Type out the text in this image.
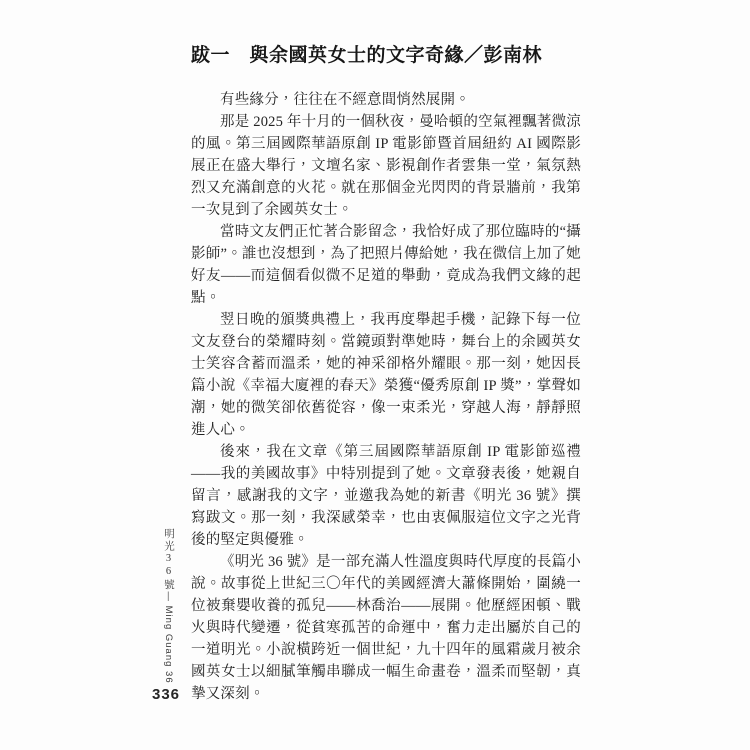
跋一　與余國英女士的文字奇緣／彭南林

有些緣分，往往在不經意間悄然展開。

那是 2025 年十月的一個秋夜，曼哈頓的空氣裡飄著微涼的風。第三屆國際華語原創 IP 電影節暨首屆紐約 AI 國際影展正在盛大舉行，文壇名家、影視創作者雲集一堂，氣氛熱烈又充滿創意的火花。就在那個金光閃閃的背景牆前，我第一次見到了余國英女士。

當時文友們正忙著合影留念，我恰好成了那位臨時的“攝影師”。誰也沒想到，為了把照片傳給她，我在微信上加了她好友——而這個看似微不足道的舉動，竟成為我們文緣的起點。

翌日晚的頒獎典禮上，我再度舉起手機，記錄下每一位文友登台的榮耀時刻。當鏡頭對準她時，舞台上的余國英女士笑容含蓄而溫柔，她的神采卻格外耀眼。那一刻，她因長篇小說《幸福大廈裡的春天》榮獲“優秀原創 IP 獎”，掌聲如潮，她的微笑卻依舊從容，像一束柔光，穿越人海，靜靜照進人心。

後來，我在文章《第三屆國際華語原創 IP 電影節巡禮——我的美國故事》中特別提到了她。文章發表後，她親自留言，感謝我的文字，並邀我為她的新書《明光 36 號》撰寫跋文。那一刻，我深感榮幸，也由衷佩服這位文字之光背後的堅定與優雅。

《明光 36 號》是一部充滿人性溫度與時代厚度的長篇小說。故事從上世紀三〇年代的美國經濟大蕭條開始，圍繞一位被棄嬰收養的孤兒——林喬治——展開。他歷經困頓、戰火與時代變遷，從貧寒孤苦的命運中，奮力走出屬於自己的一道明光。小說橫跨近一個世紀，九十四年的風霜歲月被余國英女士以細膩筆觸串聯成一幅生命畫卷，溫柔而堅韌，真摯又深刻。

明光36號— Ming Guang 36
336
